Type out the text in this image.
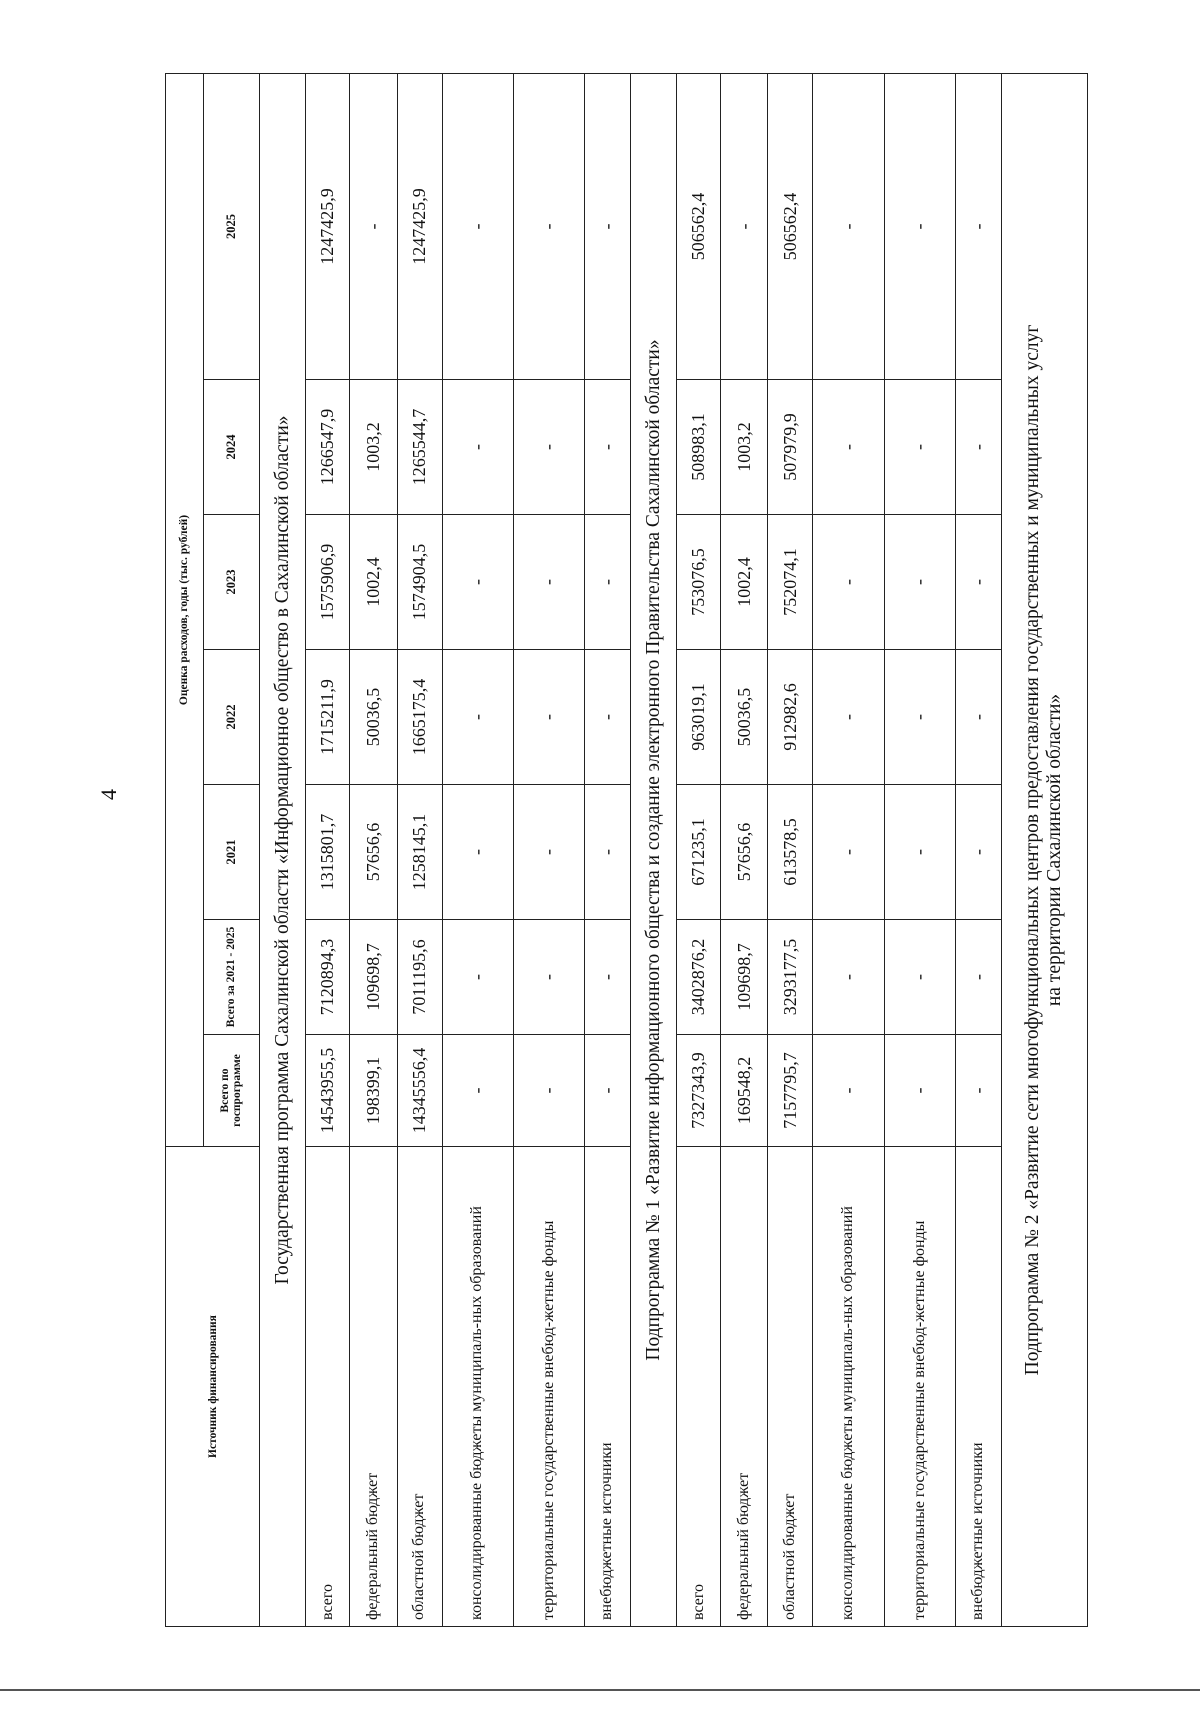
4
Источник финансирования	Оценка расходов, годы (тыс. рублей)						
	Всего по госпрограмме	Всего за 2021 - 2025	2021	2022	2023	2024	2025
Государственная программа Сахалинской области «Информационное общество в Сахалинской области»							
всего	14543955,5	7120894,3	1315801,7	1715211,9	1575906,9	1266547,9	1247425,9
федеральный бюджет	198399,1	109698,7	57656,6	50036,5	1002,4	1003,2	-
областной бюджет	14345556,4	7011195,6	1258145,1	1665175,4	1574904,5	1265544,7	1247425,9
консолидированные бюджеты муниципаль-ных образований	-	-	-	-	-	-	-
территориальные государственные внебюд-жетные фонды	-	-	-	-	-	-	-
внебюджетные источники	-	-	-	-	-	-	-
Подпрограмма № 1 «Развитие информационного общества и создание электронного Правительства Сахалинской области»							
всего	7327343,9	3402876,2	671235,1	963019,1	753076,5	508983,1	506562,4
федеральный бюджет	169548,2	109698,7	57656,6	50036,5	1002,4	1003,2	-
областной бюджет	7157795,7	3293177,5	613578,5	912982,6	752074,1	507979,9	506562,4
консолидированные бюджеты муниципаль-ных образований	-	-	-	-	-	-	-
территориальные государственные внебюд-жетные фонды	-	-	-	-	-	-	-
внебюджетные источники	-	-	-	-	-	-	-

Подпрограмма № 2 «Развитие сети многофункциональных центров предоставления государственных и муниципальных услуг на территории Сахалинской области»							
